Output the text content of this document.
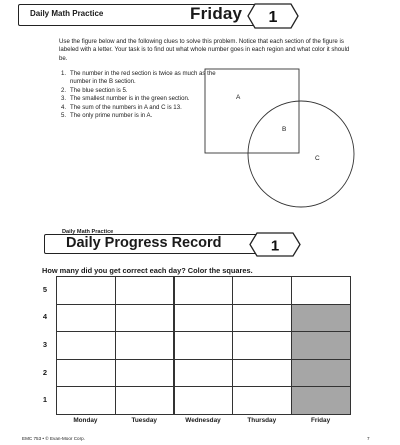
Daily Math Practice	Friday 1
Use the figure below and the following clues to solve this problem. Notice that each section of the figure is labeled with a letter. Your task is to find out what whole number goes in each region and what color it should be.
1. The number in the red section is twice as much as the number in the B section.
2. The blue section is 5.
3. The smallest number is in the green section.
4. The sum of the numbers in A and C is 13.
5. The only prime number is in A.
A
B
C
Daily Math Practice
Daily Progress Record	1
How many did you get correct each day? Color the squares.
5
4
3
2
1
Monday	Tuesday	Wednesday	Thursday	Friday
EMC 753 • © Evan-Moor Corp.	7
